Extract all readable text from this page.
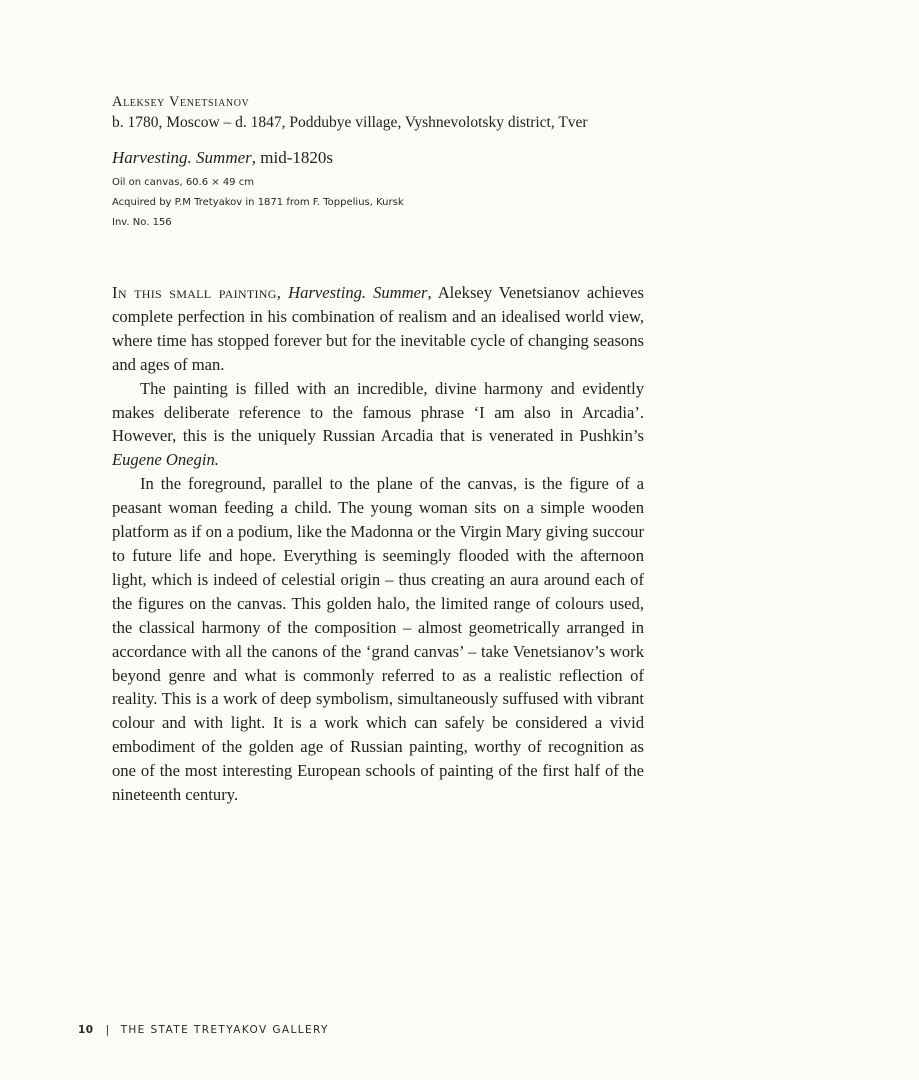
Aleksey Venetsianov
b. 1780, Moscow – d. 1847, Poddubye village, Vyshnevolotsky district, Tver
Harvesting. Summer, mid-1820s
Oil on canvas, 60.6 × 49 cm
Acquired by P.M Tretyakov in 1871 from F. Toppelius, Kursk
Inv. No. 156

In this small painting, Harvesting. Summer, Aleksey Venetsianov achieves complete perfection in his combination of realism and an idealised world view, where time has stopped forever but for the inevitable cycle of changing seasons and ages of man.

The painting is filled with an incredible, divine harmony and evidently makes deliberate reference to the famous phrase ‘I am also in Arcadia’. However, this is the uniquely Russian Arcadia that is venerated in Pushkin’s Eugene Onegin.

In the foreground, parallel to the plane of the canvas, is the figure of a peasant woman feeding a child. The young woman sits on a simple wooden platform as if on a podium, like the Madonna or the Virgin Mary giving succour to future life and hope. Everything is seemingly flooded with the afternoon light, which is indeed of celestial origin – thus creating an aura around each of the figures on the canvas. This golden halo, the limited range of colours used, the classical harmony of the composition – almost geometrically arranged in accordance with all the canons of the ‘grand canvas’ – take Venetsianov’s work beyond genre and what is commonly referred to as a realistic reflection of reality. This is a work of deep symbolism, simultaneously suffused with vibrant colour and with light. It is a work which can safely be considered a vivid embodiment of the golden age of Russian painting, worthy of recognition as one of the most interesting European schools of painting of the first half of the nineteenth century.

10 | THE STATE TRETYAKOV GALLERY
